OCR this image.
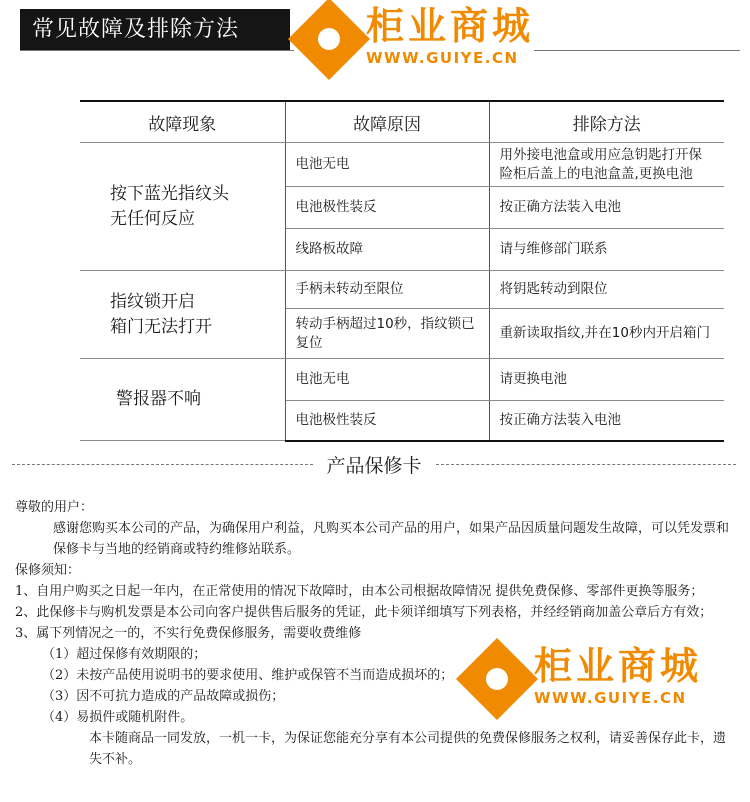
常见故障及排除方法	柜业商城
WWW.GUIYE.CN
故障现象	故障原因	排除方法

按下蓝光指纹头
无任何反应	电池无电	用外接电池盒或用应急钥匙打开保险柜后盖上的电池盒盖,更换电池
	电池极性装反	按正确方法装入电池
	线路板故障	请与维修部门联系

指纹锁开启
箱门无法打开	手柄未转动至限位	将钥匙转动到限位
	转动手柄超过10秒，指纹锁已复位	重新读取指纹,并在10秒内开启箱门

警报器不响	电池无电	请更换电池
	电池极性装反	按正确方法装入电池
产品保修卡

尊敬的用户：

感谢您购买本公司的产品，为确保用户利益，凡购买本公司产品的用户，如果产品因质量问题发生故障，可以凭发票和保修卡与当地的经销商或特约维修站联系。

保修须知：

1、自用户购买之日起一年内，在正常使用的情况下故障时，由本公司根据故障情况 提供免费保修、零部件更换等服务；

2、此保修卡与购机发票是本公司向客户提供售后服务的凭证，此卡须详细填写下列表格，并经经销商加盖公章后方有效；

3、属下列情况之一的，不实行免费保修服务，需要收费维修

（1）超过保修有效期限的；

（2）未按产品使用说明书的要求使用、维护或保管不当而造成损坏的；

（3）因不可抗力造成的产品故障或损伤；

（4）易损件或随机附件。

本卡随商品一同发放，一机一卡，为保证您能充分享有本公司提供的免费保修服务之权利，请妥善保存此卡，遗失不补。

柜业商城
WWW.GUIYE.CN
